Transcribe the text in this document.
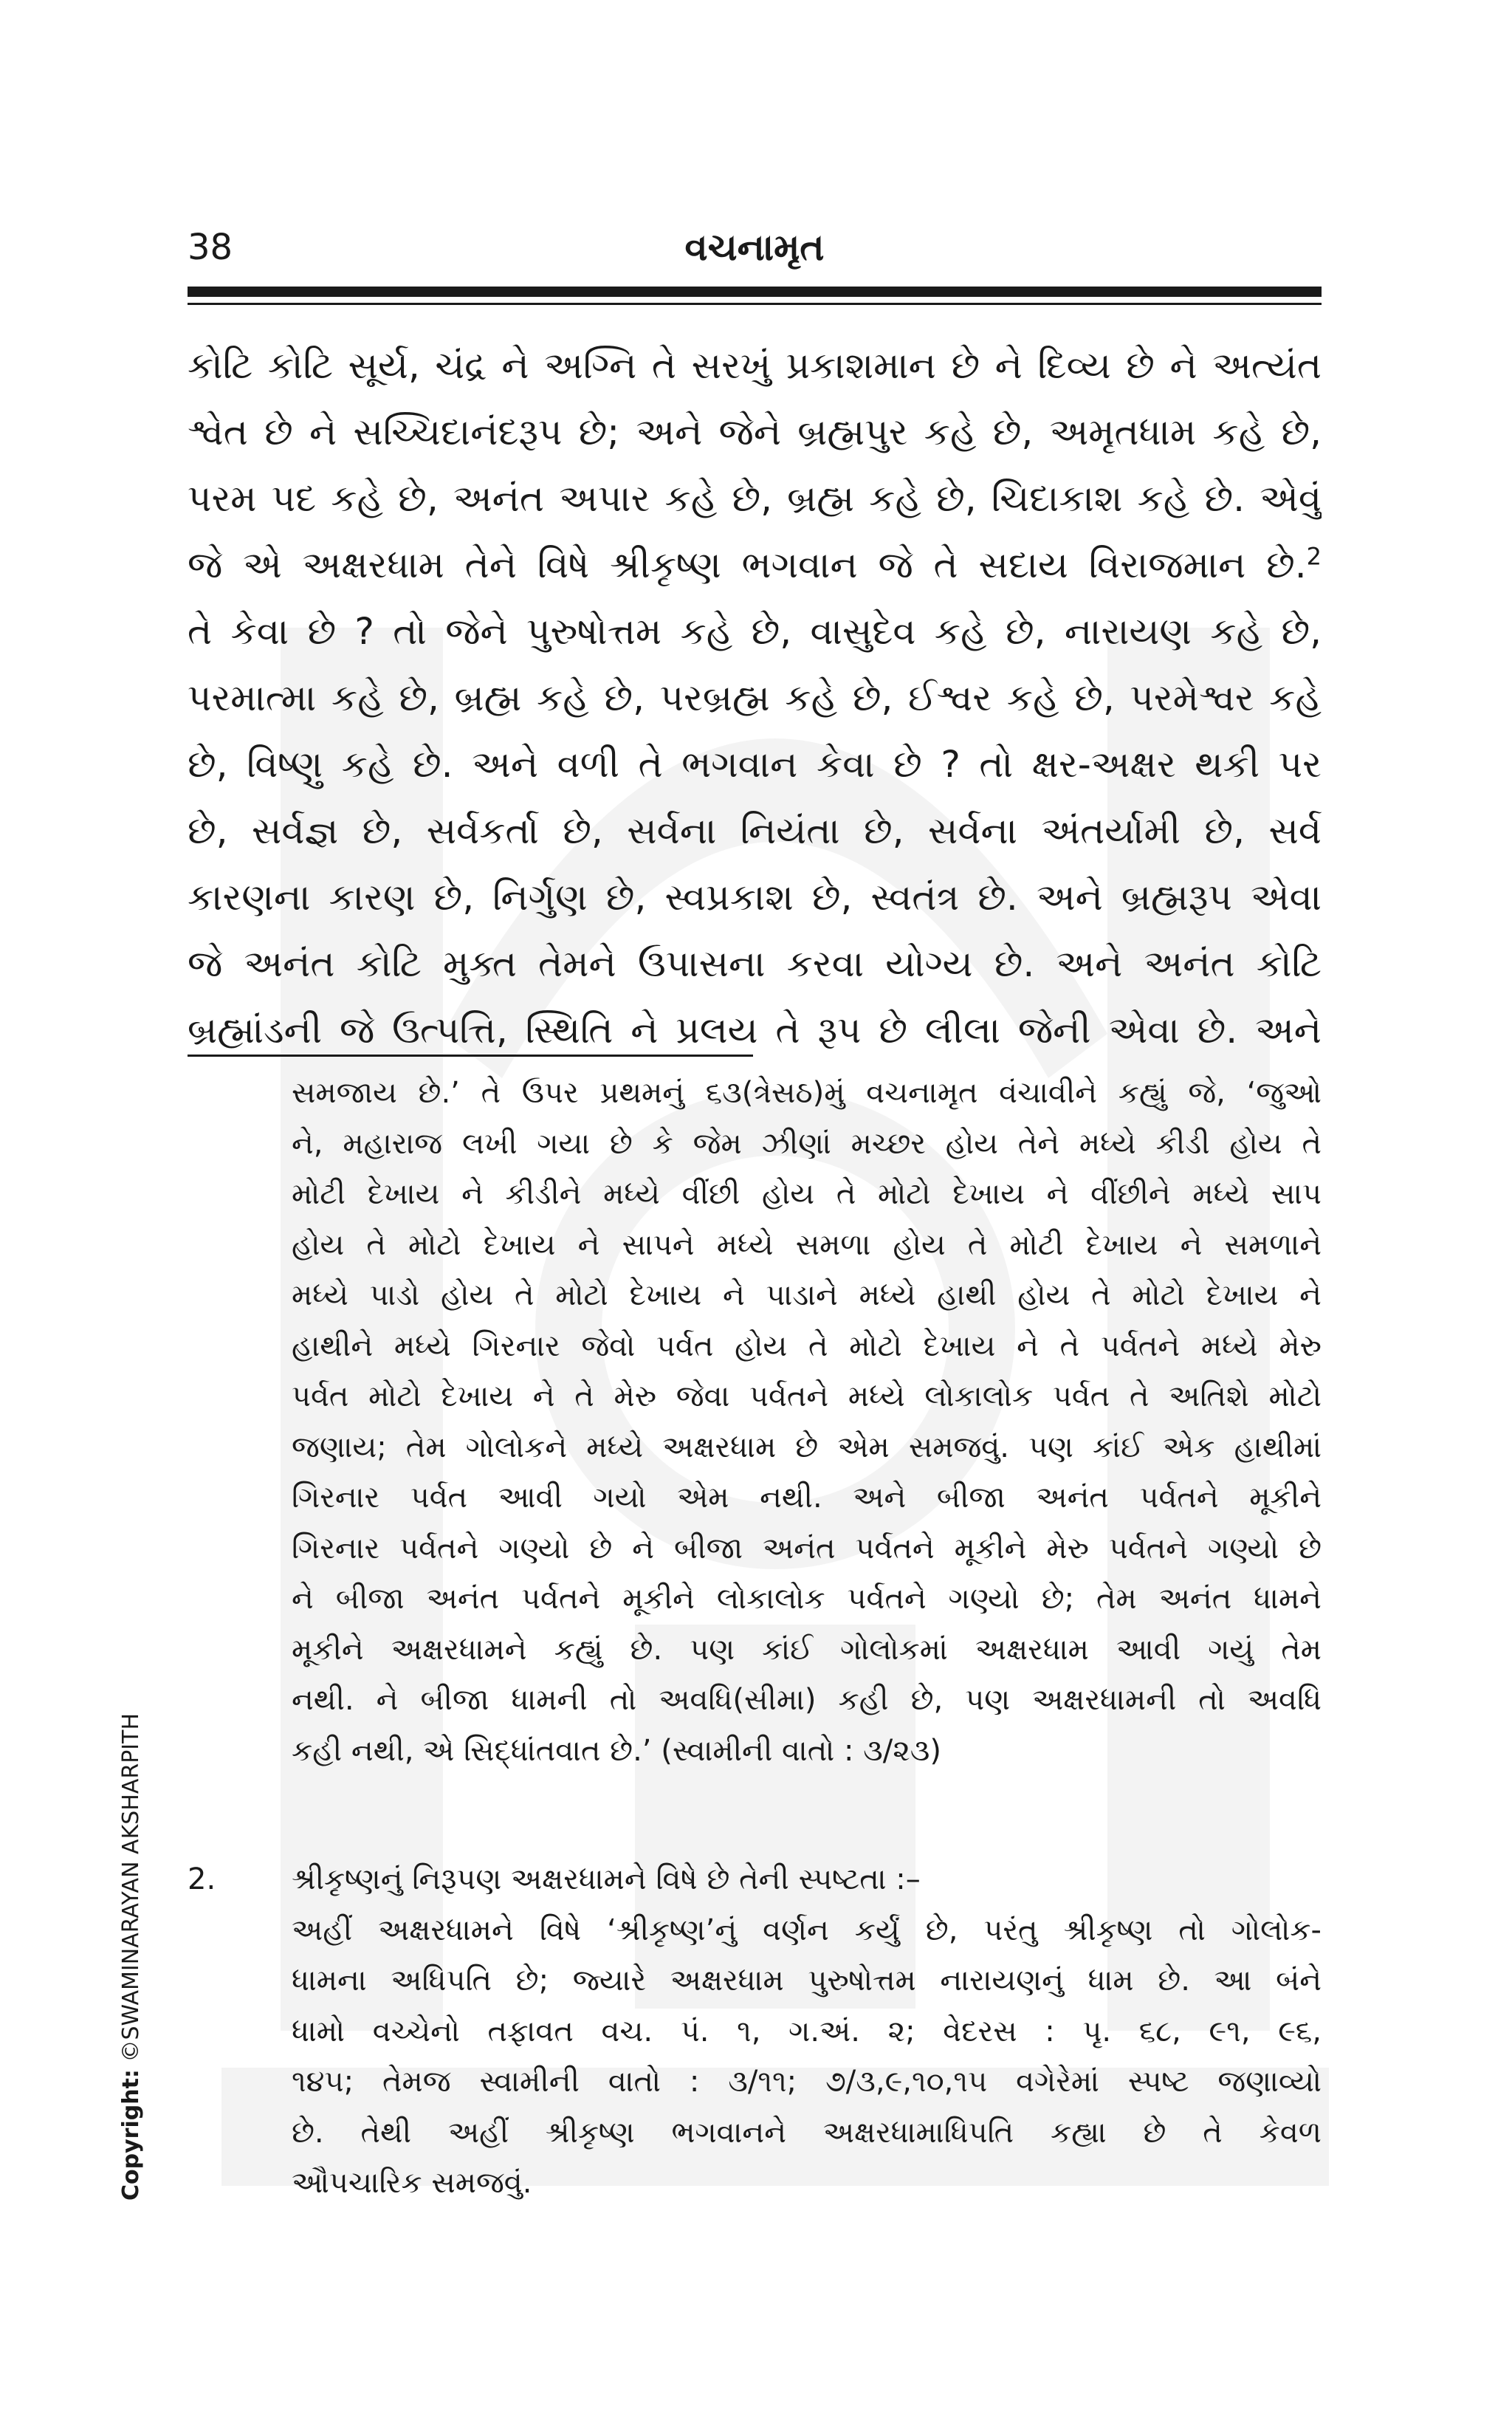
38	વચનામૃત
કોટિ કોટિ સૂર્ય, ચંદ્ર ને અગ્નિ તે સરખું પ્રકાશમાન છે ને દિવ્ય છે ને અત્યંત
શ્વેત છે ને સચ્ચિદાનંદરૂપ છે; અને જેને બ્રહ્મપુર કહે છે, અમૃતધામ કહે છે,
પરમ પદ કહે છે, અનંત અપાર કહે છે, બ્રહ્મ કહે છે, ચિદાકાશ કહે છે. એવું
જે એ અક્ષરધામ તેને વિષે શ્રીકૃષ્ણ ભગવાન જે તે સદાય વિરાજમાન છે.$^2$
તે કેવા છે ? તો જેને પુરુષોત્તમ કહે છે, વાસુદેવ કહે છે, નારાયણ કહે છે,
પરમાત્મા કહે છે, બ્રહ્મ કહે છે, પરબ્રહ્મ કહે છે, ઈશ્વર કહે છે, પરમેશ્વર કહે
છે, વિષ્ણુ કહે છે. અને વળી તે ભગવાન કેવા છે ? તો ક્ષર-અક્ષર થકી પર
છે, સર્વજ્ઞ છે, સર્વકર્તા છે, સર્વના નિયંતા છે, સર્વના અંતર્યામી છે, સર્વ
કારણના કારણ છે, નિર્ગુણ છે, સ્વપ્રકાશ છે, સ્વતંત્ર છે. અને બ્રહ્મરૂપ એવા
જે અનંત કોટિ મુક્ત તેમને ઉપાસના કરવા યોગ્ય છે. અને અનંત કોટિ
બ્રહ્માંડની જે ઉત્પત્તિ, સ્થિતિ ને પ્રલય તે રૂપ છે લીલા જેની એવા છે. અને
સમજાય છે.’ તે ઉપર પ્રથમનું ૬૩(ત્રેસઠ)મું વચનામૃત વંચાવીને કહ્યું જે, ‘જુઓ
ને, મહારાજ લખી ગયા છે કે જેમ ઝીણાં મચ્છર હોય તેને મધ્યે કીડી હોય તે
મોટી દેખાય ને કીડીને મધ્યે વીંછી હોય તે મોટો દેખાય ને વીંછીને મધ્યે સાપ
હોય તે મોટો દેખાય ને સાપને મધ્યે સમળા હોય તે મોટી દેખાય ને સમળાને
મધ્યે પાડો હોય તે મોટો દેખાય ને પાડાને મધ્યે હાથી હોય તે મોટો દેખાય ને
હાથીને મધ્યે ગિરનાર જેવો પર્વત હોય તે મોટો દેખાય ને તે પર્વતને મધ્યે મેરુ
પર્વત મોટો દેખાય ને તે મેરુ જેવા પર્વતને મધ્યે લોકાલોક પર્વત તે અતિશે મોટો
જણાય; તેમ ગોલોકને મધ્યે અક્ષરધામ છે એમ સમજવું. પણ કાંઈ એક હાથીમાં
ગિરનાર પર્વત આવી ગયો એમ નથી. અને બીજા અનંત પર્વતને મૂકીને
ગિરનાર પર્વતને ગણ્યો છે ને બીજા અનંત પર્વતને મૂકીને મેરુ પર્વતને ગણ્યો છે
ને બીજા અનંત પર્વતને મૂકીને લોકાલોક પર્વતને ગણ્યો છે; તેમ અનંત ધામને
મૂકીને અક્ષરધામને કહ્યું છે. પણ કાંઈ ગોલોકમાં અક્ષરધામ આવી ગયું તેમ
નથી. ને બીજા ધામની તો અવધિ(સીમા) કહી છે, પણ અક્ષરધામની તો અવધિ
કહી નથી, એ સિદ્ધાંતવાત છે.’ (સ્વામીની વાતો : ૩/૨૩)
2.	શ્રીકૃષ્ણનું નિરૂપણ અક્ષરધામને વિષે છે તેની સ્પષ્ટતા :–
અહીં અક્ષરધામને વિષે ‘શ્રીકૃષ્ણ’નું વર્ણન કર્યું છે, પરંતુ શ્રીકૃષ્ણ તો ગોલોક-
ધામના અધિપતિ છે; જ્યારે અક્ષરધામ પુરુષોત્તમ નારાયણનું ધામ છે. આ બંને
ધામો વચ્ચેનો તફાવત વચ. પં. ૧, ગ.અં. ૨; વેદરસ : પૃ. ૬૮, ૯૧, ૯૬,
૧૪૫; તેમજ સ્વામીની વાતો : ૩/૧૧; ૭/૩,૯,૧૦,૧૫ વગેરેમાં સ્પષ્ટ જણાવ્યો
છે. તેથી અહીં શ્રીકૃષ્ણ ભગવાનને અક્ષરધામાધિપતિ કહ્યા છે તે કેવળ
ઔપચારિક સમજવું.
Copyright: ©SWAMINARAYAN AKSHARPITH
